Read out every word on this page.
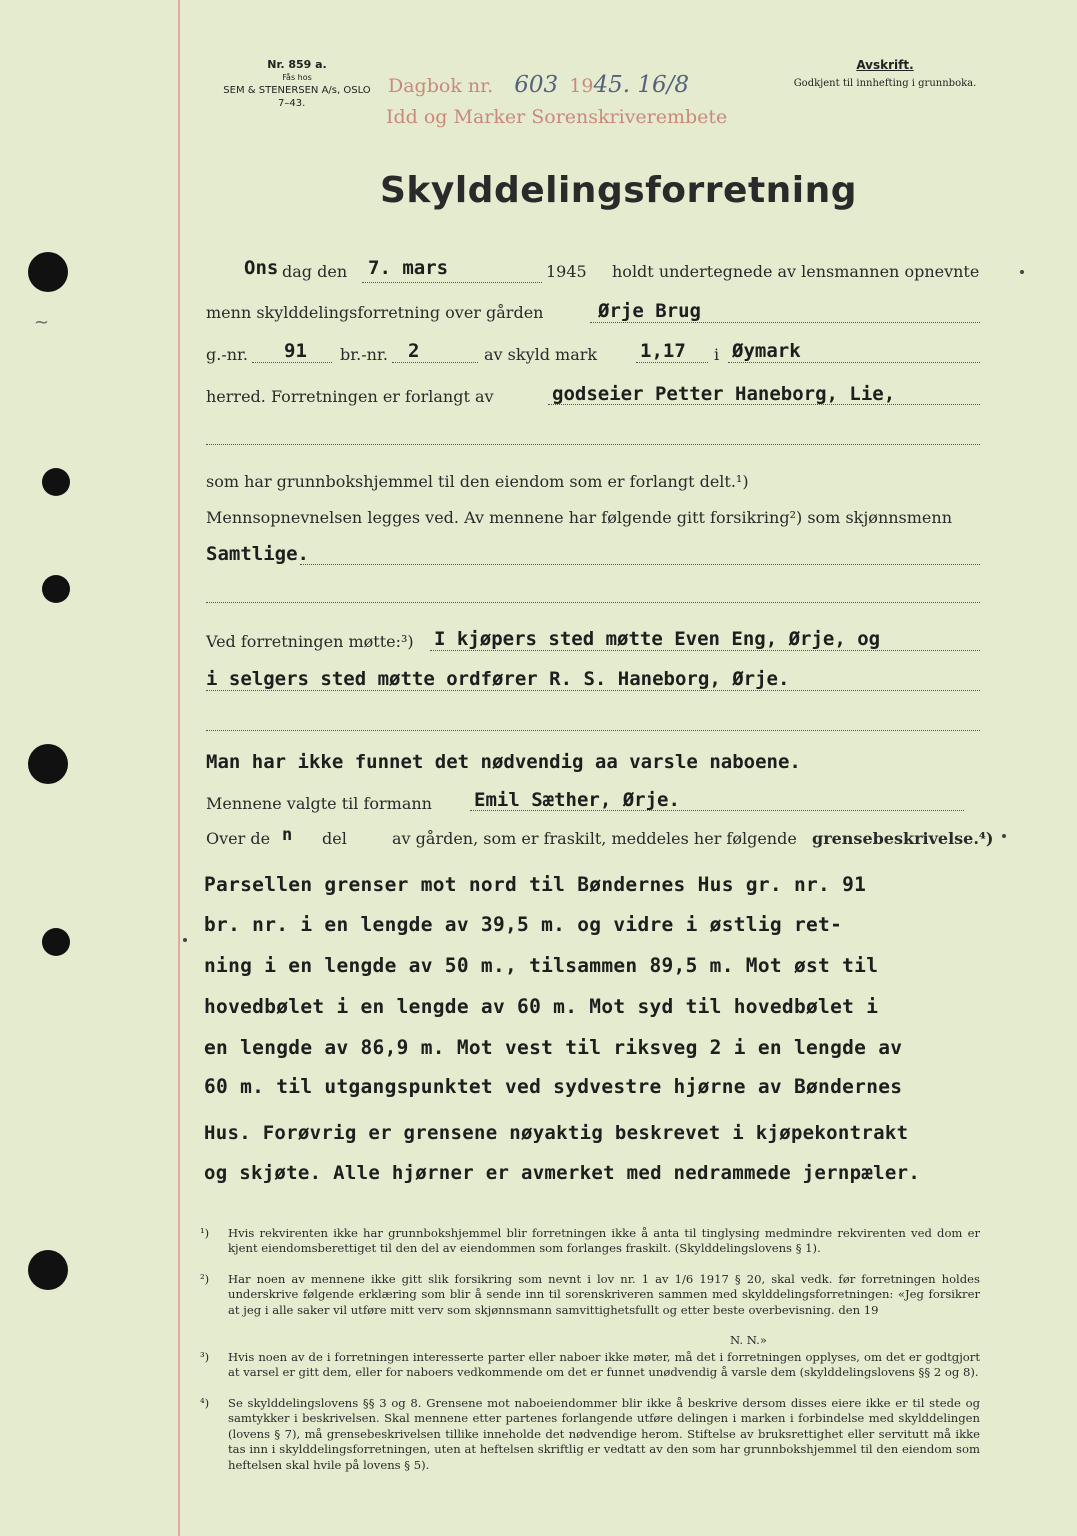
~
Nr. 859 a.
Fås hos
SEM & STENERSEN A/s, OSLO
7–43.
Dagbok nr. 603 1945. 16/8
Idd og Marker Sorenskriverembete
Avskrift.
Godkjent til innhefting i grunnboka.
Skylddelingsforretning
Ons dag den 7. mars	1945 holdt undertegnede av lensmannen opnevnte
menn skylddelingsforretning over gården	Ørje Brug
g.-nr. 91 br.-nr. 2	av skyld mark 1,17 i Øymark
herred. Forretningen er forlangt av	godseier Petter Haneborg, Lie,
som har grunnbokshjemmel til den eiendom som er forlangt delt.¹)
Mennsopnevnelsen legges ved. Av mennene har følgende gitt forsikring²) som skjønnsmenn
Samtlige.
Ved forretningen møtte:³) I kjøpers sted møtte Even Eng, Ørje, og
i selgers sted møtte ordfører R. S. Haneborg, Ørje.
Man har ikke funnet det nødvendig aa varsle naboene.
Mennene valgte til formann Emil Sæther, Ørje.
Over de n del	av gården, som er fraskilt, meddeles her følgende grensebeskrivelse.⁴)
Parsellen grenser mot nord til Bøndernes Hus gr. nr. 91
br. nr. i en lengde av 39,5 m. og vidre i østlig ret-
ning i en lengde av 50 m., tilsammen 89,5 m. Mot øst til
hovedbølet i en lengde av 60 m. Mot syd til hovedbølet i
en lengde av 86,9 m. Mot vest til riksveg 2 i en lengde av
60 m. til utgangspunktet ved sydvestre hjørne av Bøndernes
Hus. Forøvrig er grensene nøyaktig beskrevet i kjøpekontrakt
og skjøte. Alle hjørner er avmerket med nedrammede jernpæler.
¹) Hvis rekvirenten ikke har grunnbokshjemmel blir forretningen ikke å anta til tinglysing medmindre rekvirenten ved dom er kjent eiendomsberettiget til den del av eiendommen som forlanges fraskilt. (Skylddelingslovens § 1).
²) Har noen av mennene ikke gitt slik forsikring som nevnt i lov nr. 1 av 1/6 1917 § 20, skal vedk. før forretningen holdes underskrive følgende erklæring som blir å sende inn til sorenskriveren sammen med skylddelingsforretningen: «Jeg forsikrer at jeg i alle saker vil utføre mitt verv som skjønnsmann samvittighetsfullt og etter beste overbevisning. den 19
N. N.»
³) Hvis noen av de i forretningen interesserte parter eller naboer ikke møter, må det i forretningen opplyses, om det er godtgjort at varsel er gitt dem, eller for naboers vedkommende om det er funnet unødvendig å varsle dem (skylddelingslovens §§ 2 og 8).
⁴) Se skylddelingslovens §§ 3 og 8. Grensene mot naboeiendommer blir ikke å beskrive dersom disses eiere ikke er til stede og samtykker i beskrivelsen. Skal mennene etter partenes forlangende utføre delingen i marken i forbindelse med skylddelingen (lovens § 7), må grensebeskrivelsen tillike inneholde det nødvendige herom. Stiftelse av bruksrettighet eller servitutt må ikke tas inn i skylddelingsforretningen, uten at heftelsen skriftlig er vedtatt av den som har grunnbokshjemmel til den eiendom som heftelsen skal hvile på lovens § 5).
